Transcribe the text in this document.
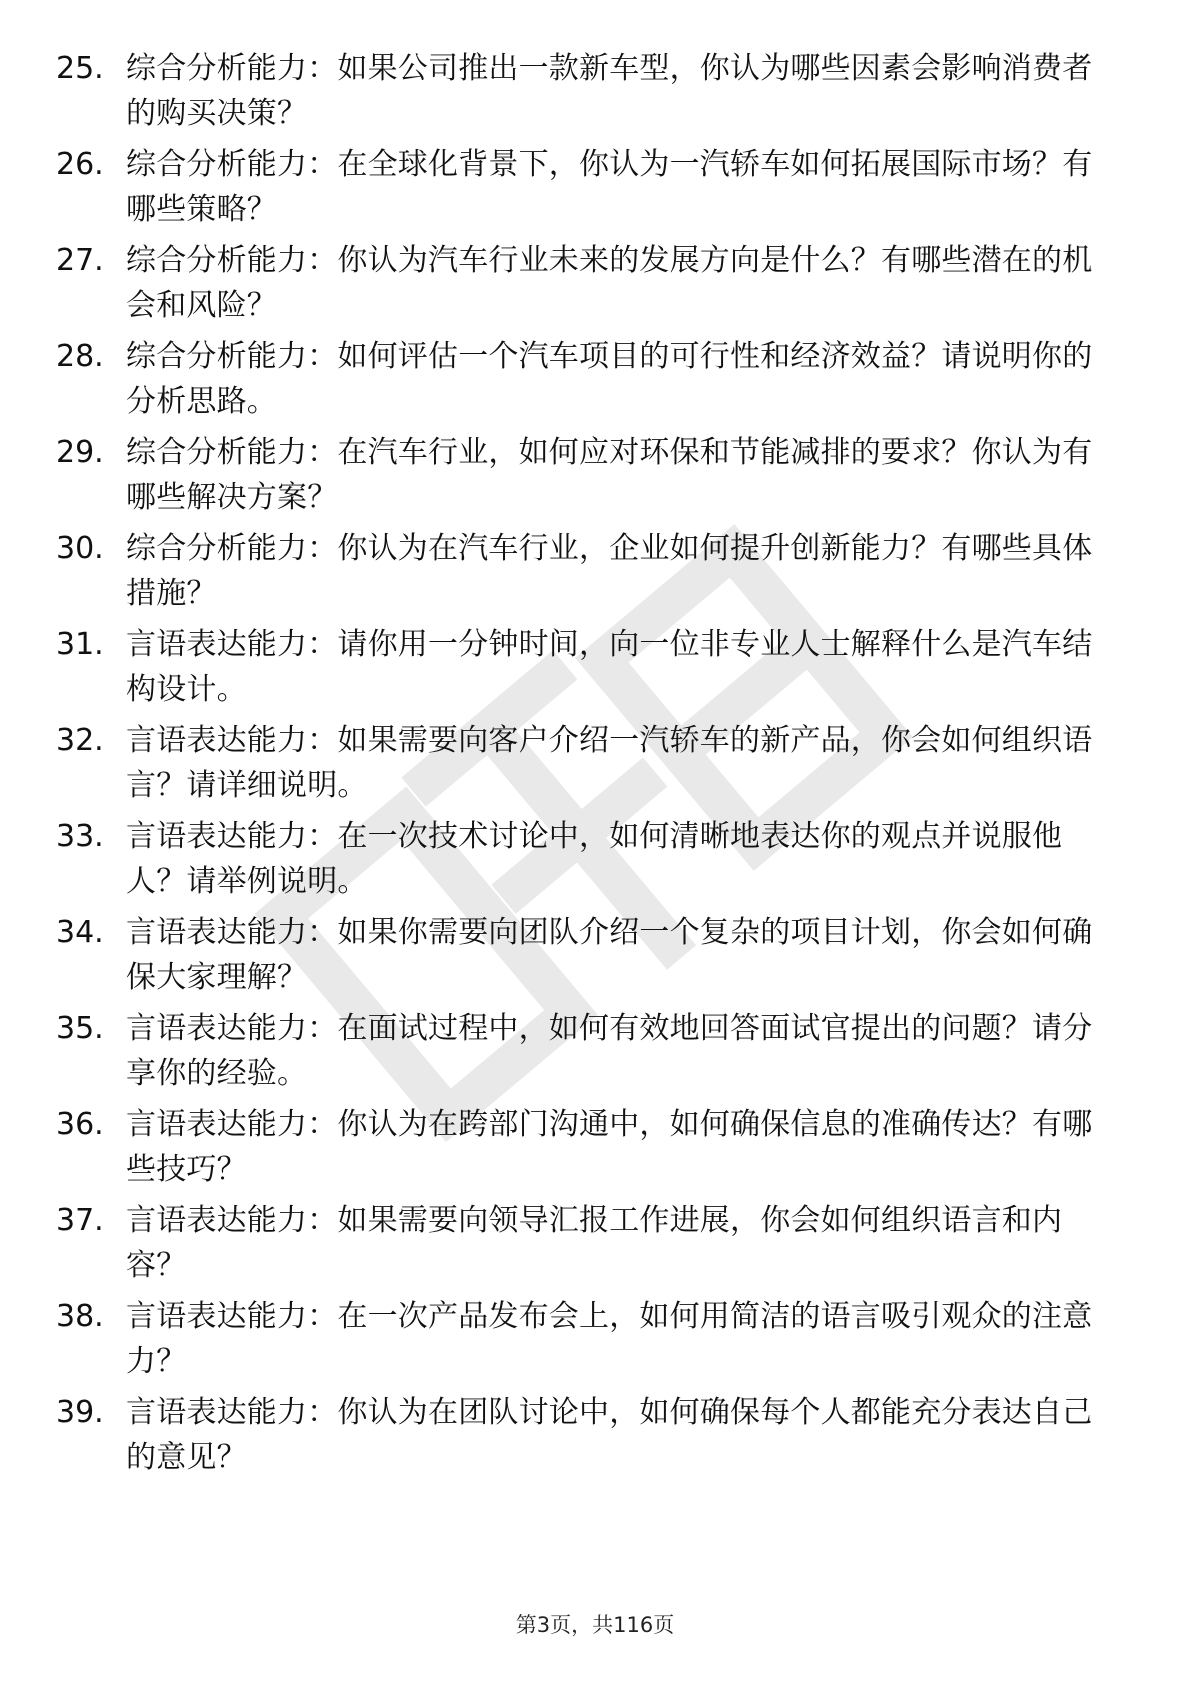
25. 综合分析能力：如果公司推出一款新车型，你认为哪些因素会影响消费者的购买决策？
26. 综合分析能力：在全球化背景下，你认为一汽轿车如何拓展国际市场？有哪些策略？
27. 综合分析能力：你认为汽车行业未来的发展方向是什么？有哪些潜在的机会和风险？
28. 综合分析能力：如何评估一个汽车项目的可行性和经济效益？请说明你的分析思路。
29. 综合分析能力：在汽车行业，如何应对环保和节能减排的要求？你认为有哪些解决方案？
30. 综合分析能力：你认为在汽车行业，企业如何提升创新能力？有哪些具体措施？
31. 言语表达能力：请你用一分钟时间，向一位非专业人士解释什么是汽车结构设计。
32. 言语表达能力：如果需要向客户介绍一汽轿车的新产品，你会如何组织语言？请详细说明。
33. 言语表达能力：在一次技术讨论中，如何清晰地表达你的观点并说服他人？请举例说明。
34. 言语表达能力：如果你需要向团队介绍一个复杂的项目计划，你会如何确保大家理解？
35. 言语表达能力：在面试过程中，如何有效地回答面试官提出的问题？请分享你的经验。
36. 言语表达能力：你认为在跨部门沟通中，如何确保信息的准确传达？有哪些技巧？
37. 言语表达能力：如果需要向领导汇报工作进展，你会如何组织语言和内容？
38. 言语表达能力：在一次产品发布会上，如何用简洁的语言吸引观众的注意力？
39. 言语表达能力：你认为在团队讨论中，如何确保每个人都能充分表达自己的意见？
第3页，共116页
